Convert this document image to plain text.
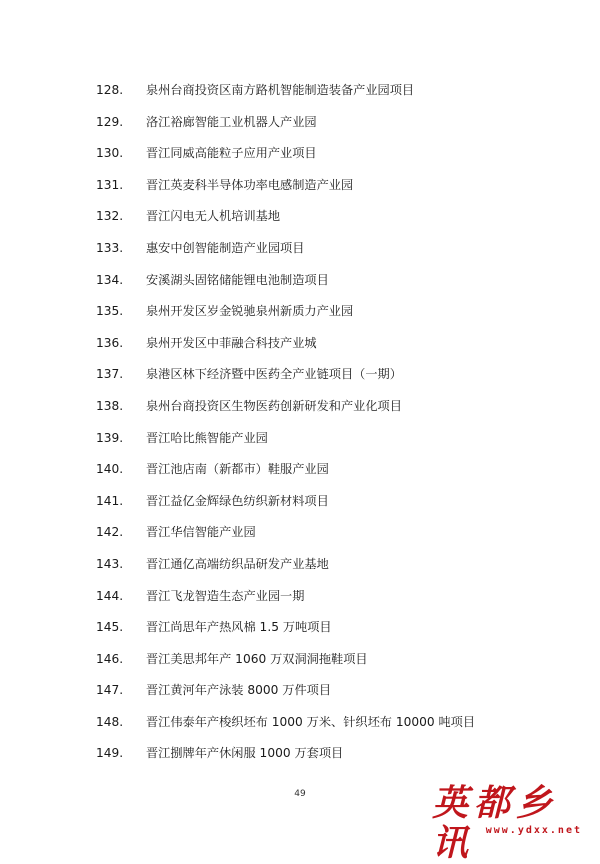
128.	泉州台商投资区南方路机智能制造装备产业园项目
129.	洛江裕廊智能工业机器人产业园
130.	晋江同威高能粒子应用产业项目
131.	晋江英麦科半导体功率电感制造产业园
132.	晋江闪电无人机培训基地
133.	惠安中创智能制造产业园项目
134.	安溪湖头固铭储能锂电池制造项目
135.	泉州开发区岁金锐驰泉州新质力产业园
136.	泉州开发区中菲融合科技产业城
137.	泉港区林下经济暨中医药全产业链项目（一期）
138.	泉州台商投资区生物医药创新研发和产业化项目
139.	晋江哈比熊智能产业园
140.	晋江池店南（新都市）鞋服产业园
141.	晋江益亿金辉绿色纺织新材料项目
142.	晋江华信智能产业园
143.	晋江通亿高端纺织品研发产业基地
144.	晋江飞龙智造生态产业园一期
145.	晋江尚思年产热风棉 1.5 万吨项目
146.	晋江美思邦年产 1060 万双洞洞拖鞋项目
147.	晋江黄河年产泳装 8000 万件项目
148.	晋江伟泰年产梭织坯布 1000 万米、针织坯布 10000 吨项目
149.	晋江捌牌年产休闲服 1000 万套项目
49	英都乡讯	www.ydxx.net
